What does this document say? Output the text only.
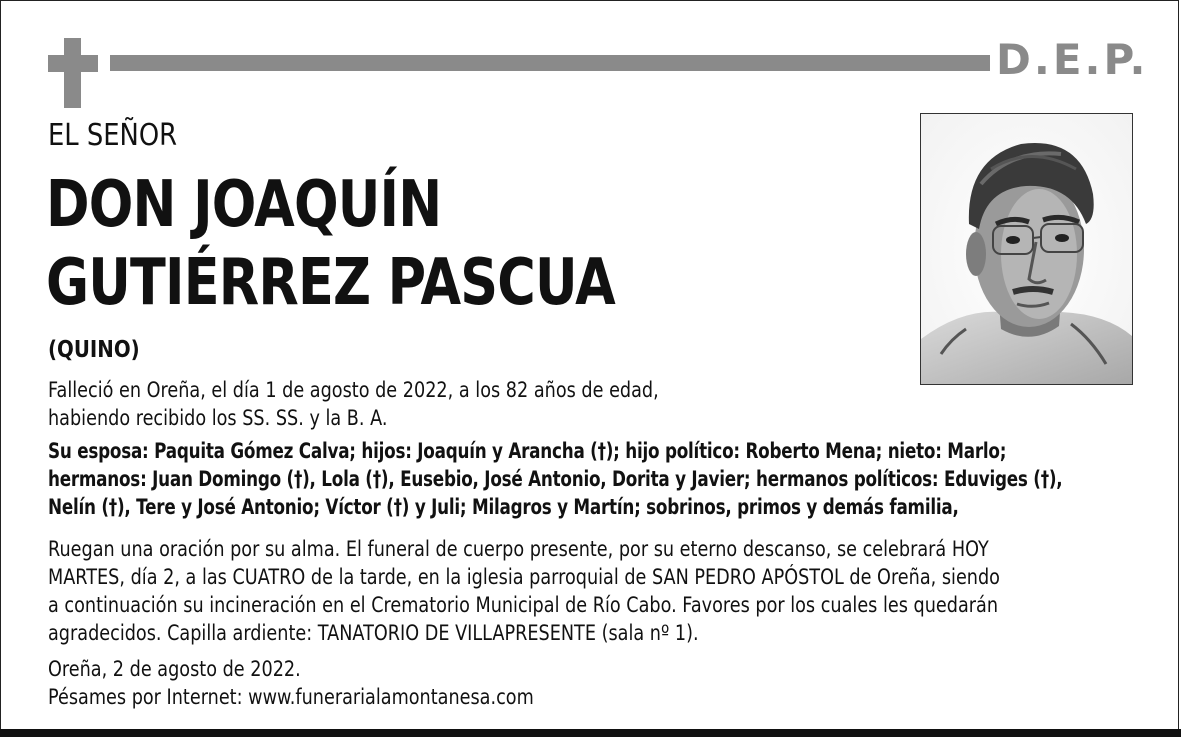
D.E.P.
EL SEÑOR
DON JOAQUÍN
GUTIÉRREZ PASCUA
(QUINO)
Falleció en Oreña, el día 1 de agosto de 2022, a los 82 años de edad,
habiendo recibido los SS. SS. y la B. A.
Su esposa: Paquita Gómez Calva; hijos: Joaquín y Arancha (†); hijo político: Roberto Mena; nieto: Marlo;
hermanos: Juan Domingo (†), Lola (†), Eusebio, José Antonio, Dorita y Javier; hermanos políticos: Eduviges (†),
Nelín (†), Tere y José Antonio; Víctor (†) y Juli; Milagros y Martín; sobrinos, primos y demás familia,
Ruegan una oración por su alma. El funeral de cuerpo presente, por su eterno descanso, se celebrará HOY
MARTES, día 2, a las CUATRO de la tarde, en la iglesia parroquial de SAN PEDRO APÓSTOL de Oreña, siendo
a continuación su incineración en el Crematorio Municipal de Río Cabo. Favores por los cuales les quedarán
agradecidos. Capilla ardiente: TANATORIO DE VILLAPRESENTE (sala nº 1).
Oreña, 2 de agosto de 2022.
Pésames por Internet: www.funerarialamontanesa.com
